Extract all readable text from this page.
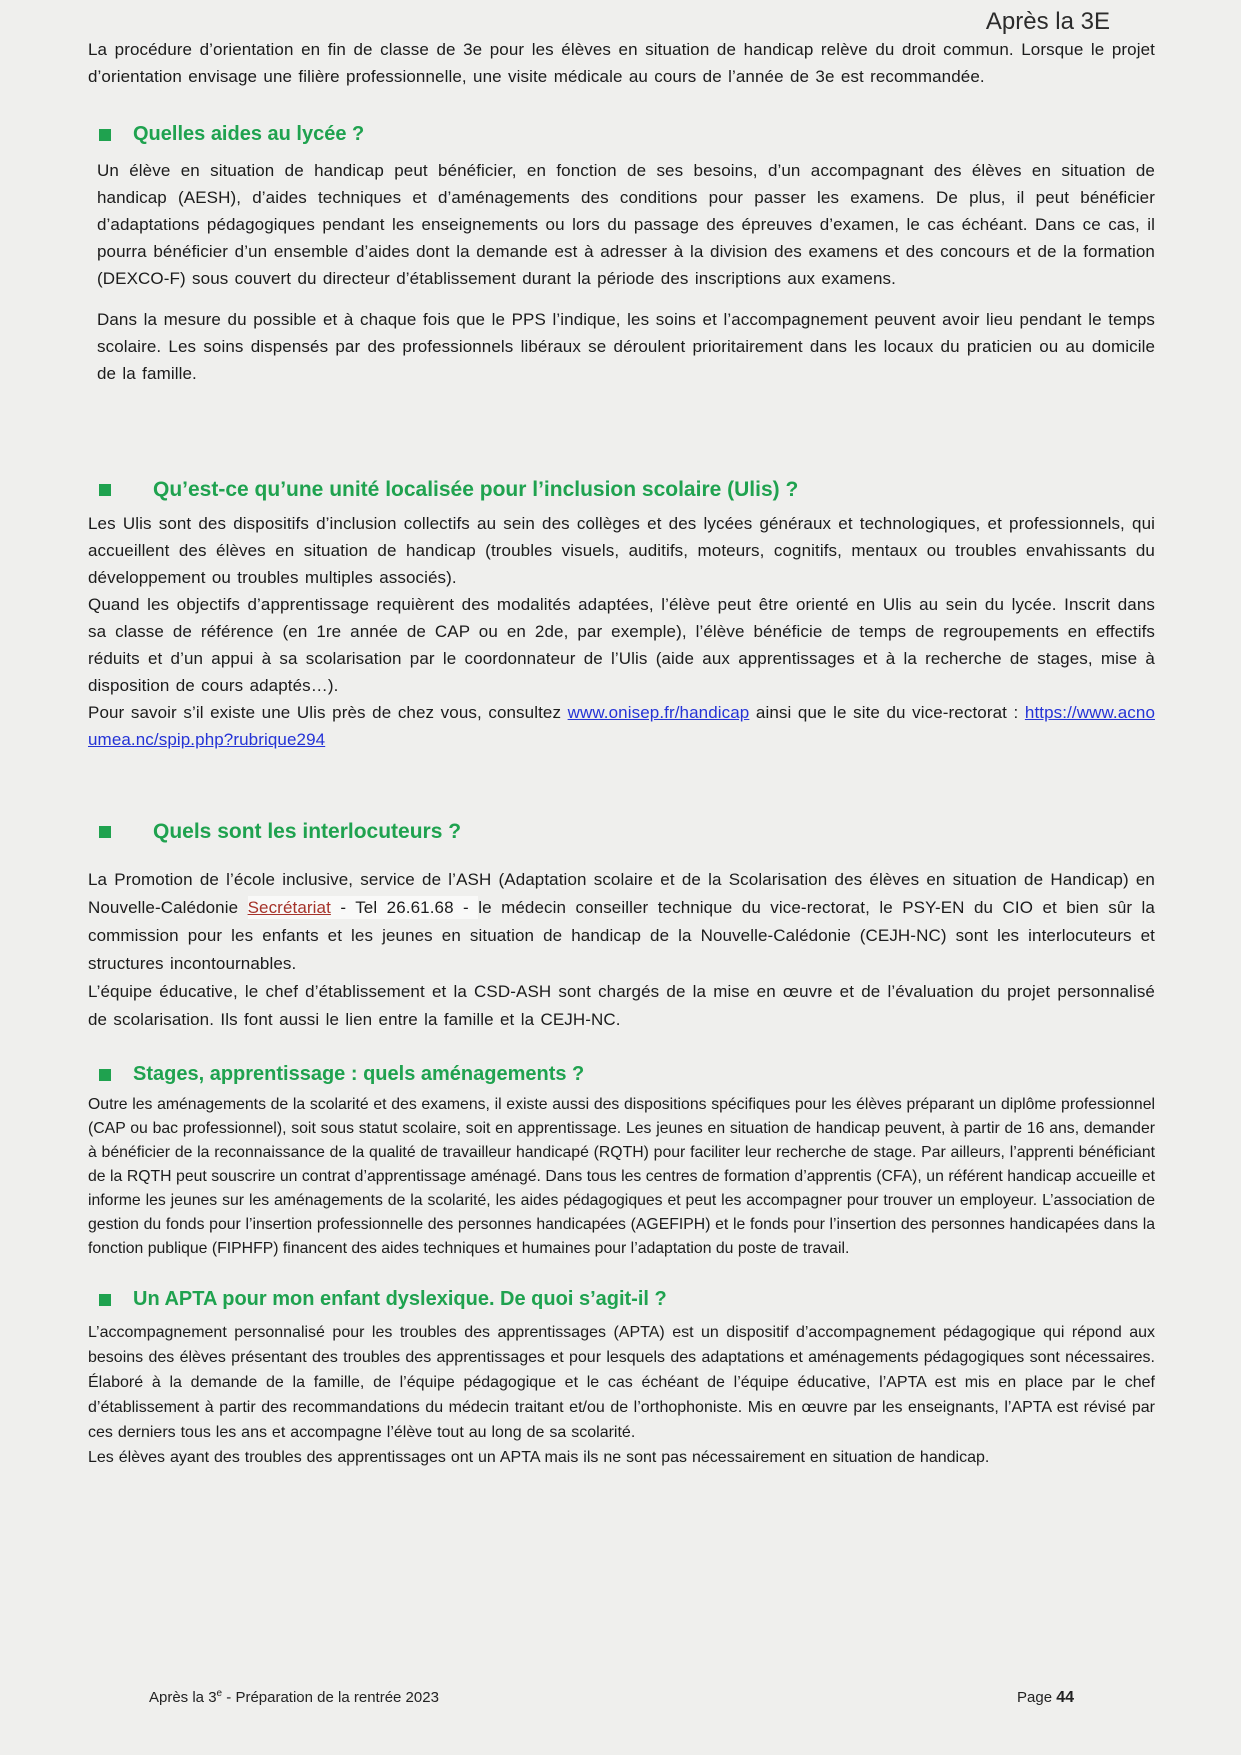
Après la 3E

La procédure d’orientation en fin de classe de 3e pour les élèves en situation de handicap relève du droit commun. Lorsque le projet d’orientation envisage une filière professionnelle, une visite médicale au cours de l’année de 3e est recommandée.

Quelles aides au lycée ?

Un élève en situation de handicap peut bénéficier, en fonction de ses besoins, d’un accompagnant des élèves en situation de handicap (AESH), d’aides techniques et d’aménagements des conditions pour passer les examens. De plus, il peut bénéficier d’adaptations pédagogiques pendant les enseignements ou lors du passage des épreuves d’examen, le cas échéant. Dans ce cas, il pourra bénéficier d’un ensemble d’aides dont la demande est à adresser à la division des examens et des concours et de la formation (DEXCO-F) sous couvert du directeur d’établissement durant la période des inscriptions aux examens.

Dans la mesure du possible et à chaque fois que le PPS l’indique, les soins et l’accompagnement peuvent avoir lieu pendant le temps scolaire. Les soins dispensés par des professionnels libéraux se déroulent prioritairement dans les locaux du praticien ou au domicile de la famille.

Qu’est-ce qu’une unité localisée pour l’inclusion scolaire (Ulis) ?

Les Ulis sont des dispositifs d’inclusion collectifs au sein des collèges et des lycées généraux et technologiques, et professionnels, qui accueillent des élèves en situation de handicap (troubles visuels, auditifs, moteurs, cognitifs, mentaux ou troubles envahissants du développement ou troubles multiples associés).

Quand les objectifs d’apprentissage requièrent des modalités adaptées, l’élève peut être orienté en Ulis au sein du lycée. Inscrit dans sa classe de référence (en 1re année de CAP ou en 2de, par exemple), l’élève bénéficie de temps de regroupements en effectifs réduits et d’un appui à sa scolarisation par le coordonnateur de l’Ulis (aide aux apprentissages et à la recherche de stages, mise à disposition de cours adaptés…).

Pour savoir s’il existe une Ulis près de chez vous, consultez www.onisep.fr/handicap ainsi que le site du vice-rectorat : https://www.acnoumea.nc/spip.php?rubrique294

Quels sont les interlocuteurs ?

La Promotion de l’école inclusive, service de l’ASH (Adaptation scolaire et de la Scolarisation des élèves en situation de Handicap) en Nouvelle-Calédonie Secrétariat - Tel 26.61.68 - le médecin conseiller technique du vice-rectorat, le PSY-EN du CIO et bien sûr la commission pour les enfants et les jeunes en situation de handicap de la Nouvelle-Calédonie (CEJH-NC) sont les interlocuteurs et structures incontournables.

L’équipe éducative, le chef d’établissement et la CSD-ASH sont chargés de la mise en œuvre et de l’évaluation du projet personnalisé de scolarisation. Ils font aussi le lien entre la famille et la CEJH-NC.

Stages, apprentissage : quels aménagements ?

Outre les aménagements de la scolarité et des examens, il existe aussi des dispositions spécifiques pour les élèves préparant un diplôme professionnel (CAP ou bac professionnel), soit sous statut scolaire, soit en apprentissage. Les jeunes en situation de handicap peuvent, à partir de 16 ans, demander à bénéficier de la reconnaissance de la qualité de travailleur handicapé (RQTH) pour faciliter leur recherche de stage. Par ailleurs, l’apprenti bénéficiant de la RQTH peut souscrire un contrat d’apprentissage aménagé. Dans tous les centres de formation d’apprentis (CFA), un référent handicap accueille et informe les jeunes sur les aménagements de la scolarité, les aides pédagogiques et peut les accompagner pour trouver un employeur. L’association de gestion du fonds pour l’insertion professionnelle des personnes handicapées (AGEFIPH) et le fonds pour l’insertion des personnes handicapées dans la fonction publique (FIPHFP) financent des aides techniques et humaines pour l’adaptation du poste de travail.

Un APTA pour mon enfant dyslexique. De quoi s’agit-il ?

L’accompagnement personnalisé pour les troubles des apprentissages (APTA) est un dispositif d’accompagnement pédagogique qui répond aux besoins des élèves présentant des troubles des apprentissages et pour lesquels des adaptations et aménagements pédagogiques sont nécessaires. Élaboré à la demande de la famille, de l’équipe pédagogique et le cas échéant de l’équipe éducative, l’APTA est mis en place par le chef d’établissement à partir des recommandations du médecin traitant et/ou de l’orthophoniste. Mis en œuvre par les enseignants, l’APTA est révisé par ces derniers tous les ans et accompagne l’élève tout au long de sa scolarité.

Les élèves ayant des troubles des apprentissages ont un APTA mais ils ne sont pas nécessairement en situation de handicap.

Après la 3e - Préparation de la rentrée 2023	Page 44
